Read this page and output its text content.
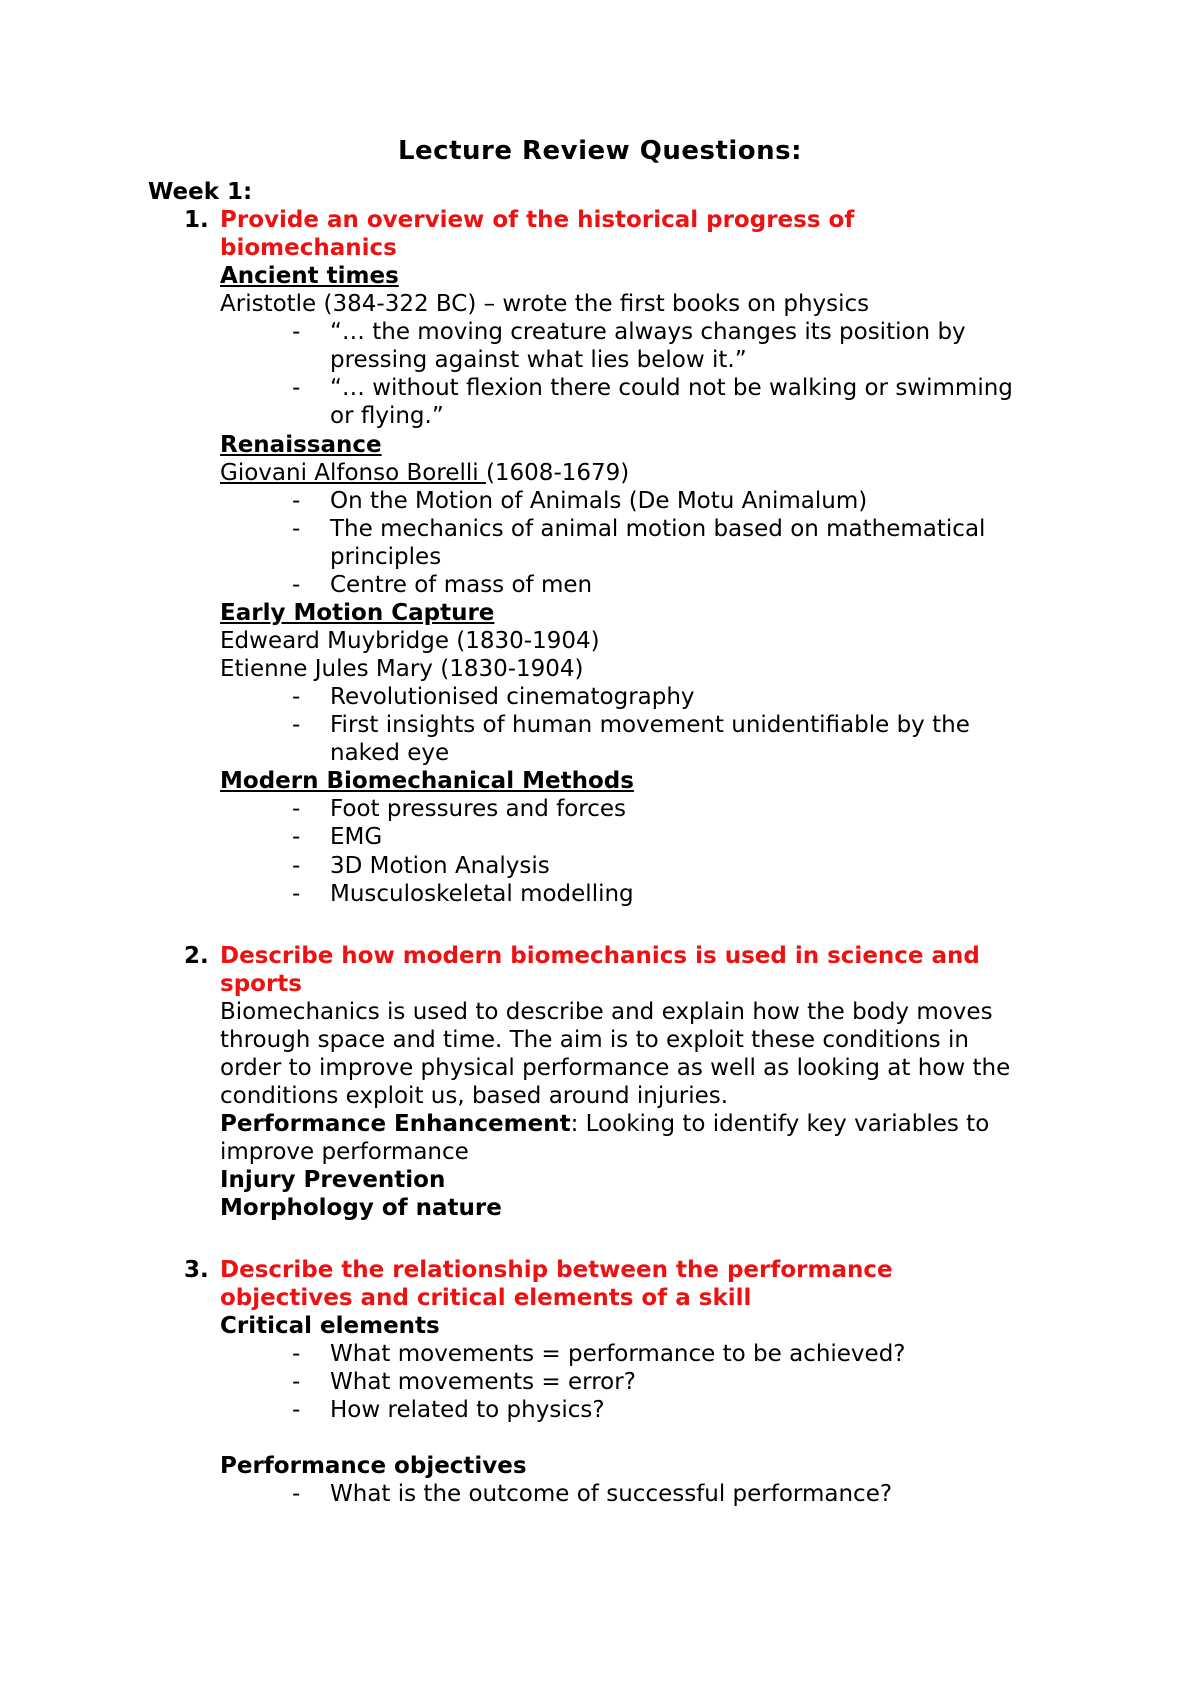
Lecture Review Questions:
Week 1:
1. Provide an overview of the historical progress of
biomechanics
Ancient times
Aristotle (384-322 BC) – wrote the first books on physics
- “… the moving creature always changes its position by
pressing against what lies below it.”
- “… without flexion there could not be walking or swimming
or flying.”
Renaissance
Giovani Alfonso Borelli (1608-1679)
- On the Motion of Animals (De Motu Animalum)
- The mechanics of animal motion based on mathematical
principles
- Centre of mass of men
Early Motion Capture
Edweard Muybridge (1830-1904)
Etienne Jules Mary (1830-1904)
- Revolutionised cinematography
- First insights of human movement unidentifiable by the
naked eye
Modern Biomechanical Methods
- Foot pressures and forces
- EMG
- 3D Motion Analysis
- Musculoskeletal modelling
2. Describe how modern biomechanics is used in science and
sports
Biomechanics is used to describe and explain how the body moves
through space and time. The aim is to exploit these conditions in
order to improve physical performance as well as looking at how the
conditions exploit us, based around injuries.
Performance Enhancement: Looking to identify key variables to
improve performance
Injury Prevention
Morphology of nature
3. Describe the relationship between the performance
objectives and critical elements of a skill
Critical elements
- What movements = performance to be achieved?
- What movements = error?
- How related to physics?
Performance objectives
- What is the outcome of successful performance?
